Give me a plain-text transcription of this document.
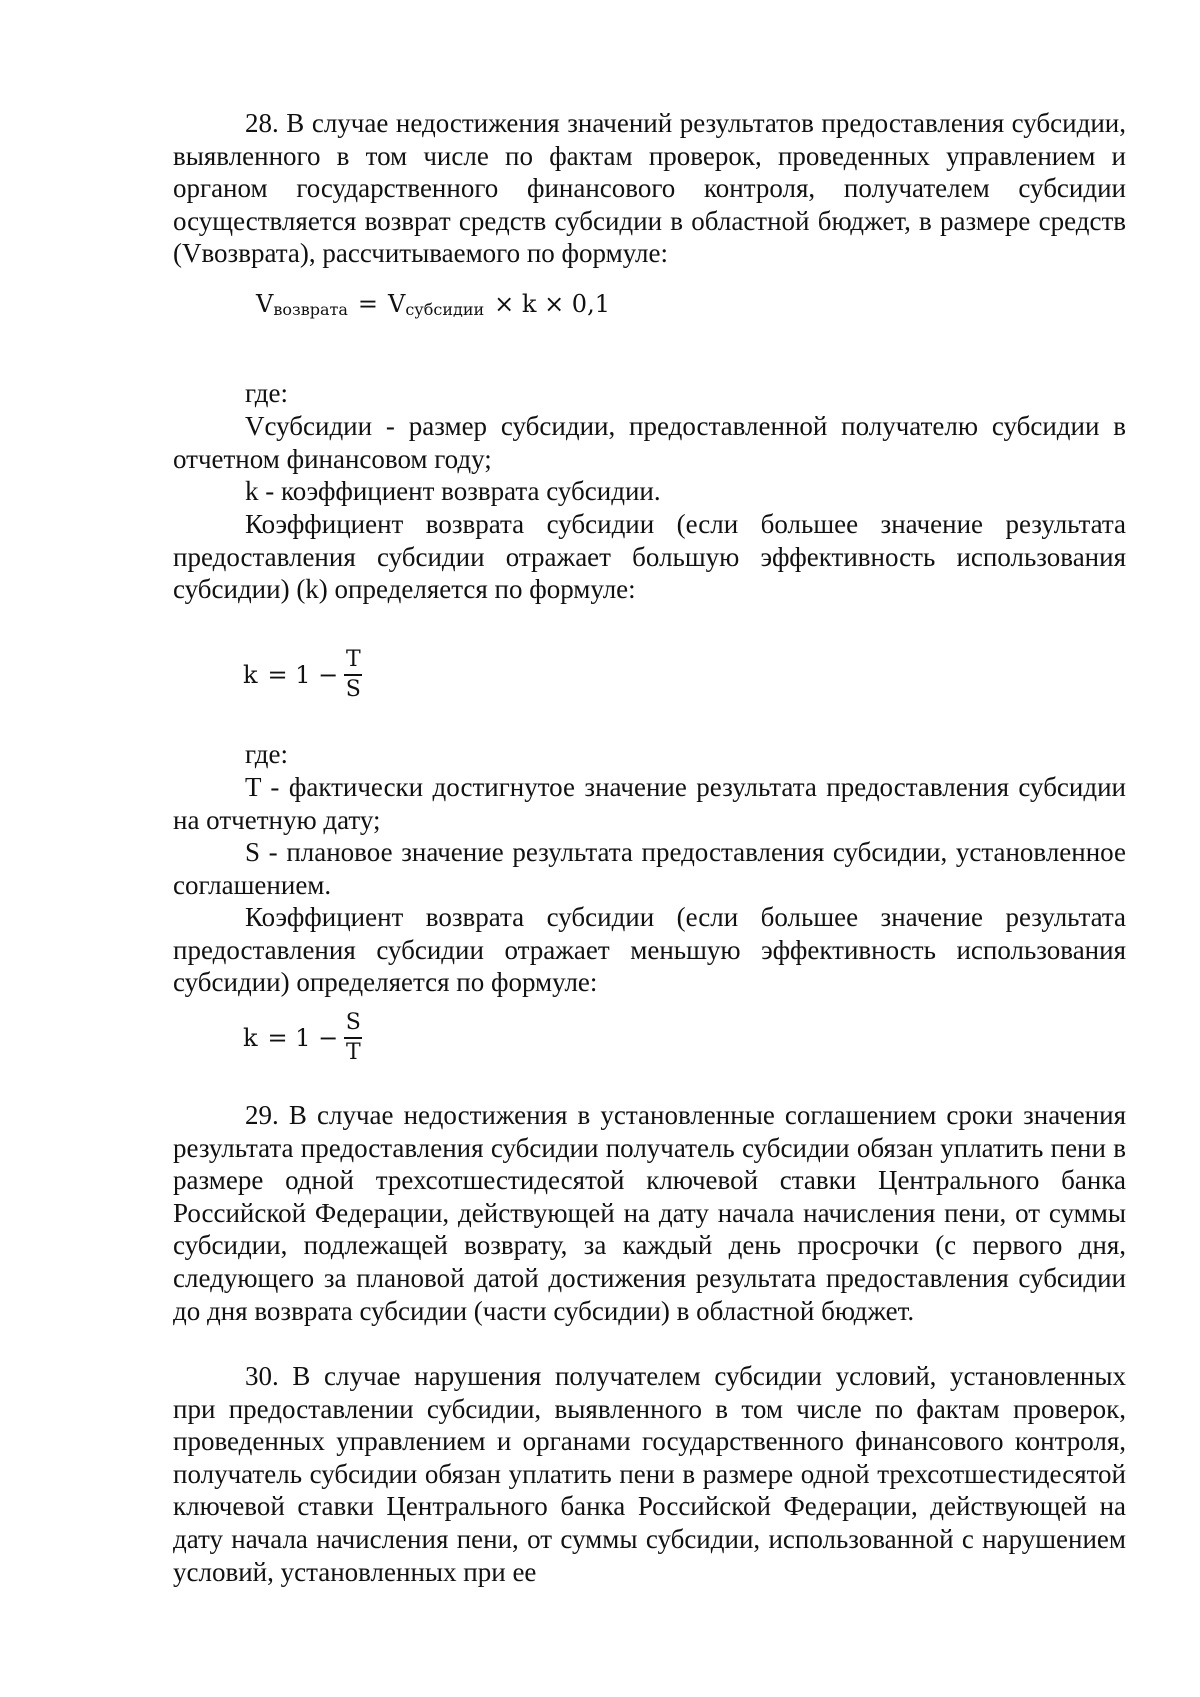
28. В случае недостижения значений результатов предоставления субсидии, выявленного в том числе по фактам проверок, проведенных управлением и органом государственного финансового контроля, получателем субсидии осуществляется возврат средств субсидии в областной бюджет, в размере средств (Vвозврата), рассчитываемого по формуле:

$V_{возврата} = V_{субсидии} \times k \times 0,1$

где:

Vсубсидии - размер субсидии, предоставленной получателю субсидии в отчетном финансовом году;

k - коэффициент возврата субсидии.

Коэффициент возврата субсидии (если большее значение результата предоставления субсидии отражает большую эффективность использования субсидии) (k) определяется по формуле:

$k = 1 - \frac{T}{S}$

где:

T - фактически достигнутое значение результата предоставления субсидии на отчетную дату;

S - плановое значение результата предоставления субсидии, установленное соглашением.

Коэффициент возврата субсидии (если большее значение результата предоставления субсидии отражает меньшую эффективность использования субсидии) определяется по формуле:

$k = 1 - \frac{S}{T}$

29. В случае недостижения в установленные соглашением сроки значения результата предоставления субсидии получатель субсидии обязан уплатить пени в размере одной трехсотшестидесятой ключевой ставки Центрального банка Российской Федерации, действующей на дату начала начисления пени, от суммы субсидии, подлежащей возврату, за каждый день просрочки (с первого дня, следующего за плановой датой достижения результата предоставления субсидии до дня возврата субсидии (части субсидии) в областной бюджет.

30. В случае нарушения получателем субсидии условий, установленных при предоставлении субсидии, выявленного в том числе по фактам проверок, проведенных управлением и органами государственного финансового контроля, получатель субсидии обязан уплатить пени в размере одной трехсотшестидесятой ключевой ставки Центрального банка Российской Федерации, действующей на дату начала начисления пени, от суммы субсидии, использованной с нарушением условий, установленных при ее
